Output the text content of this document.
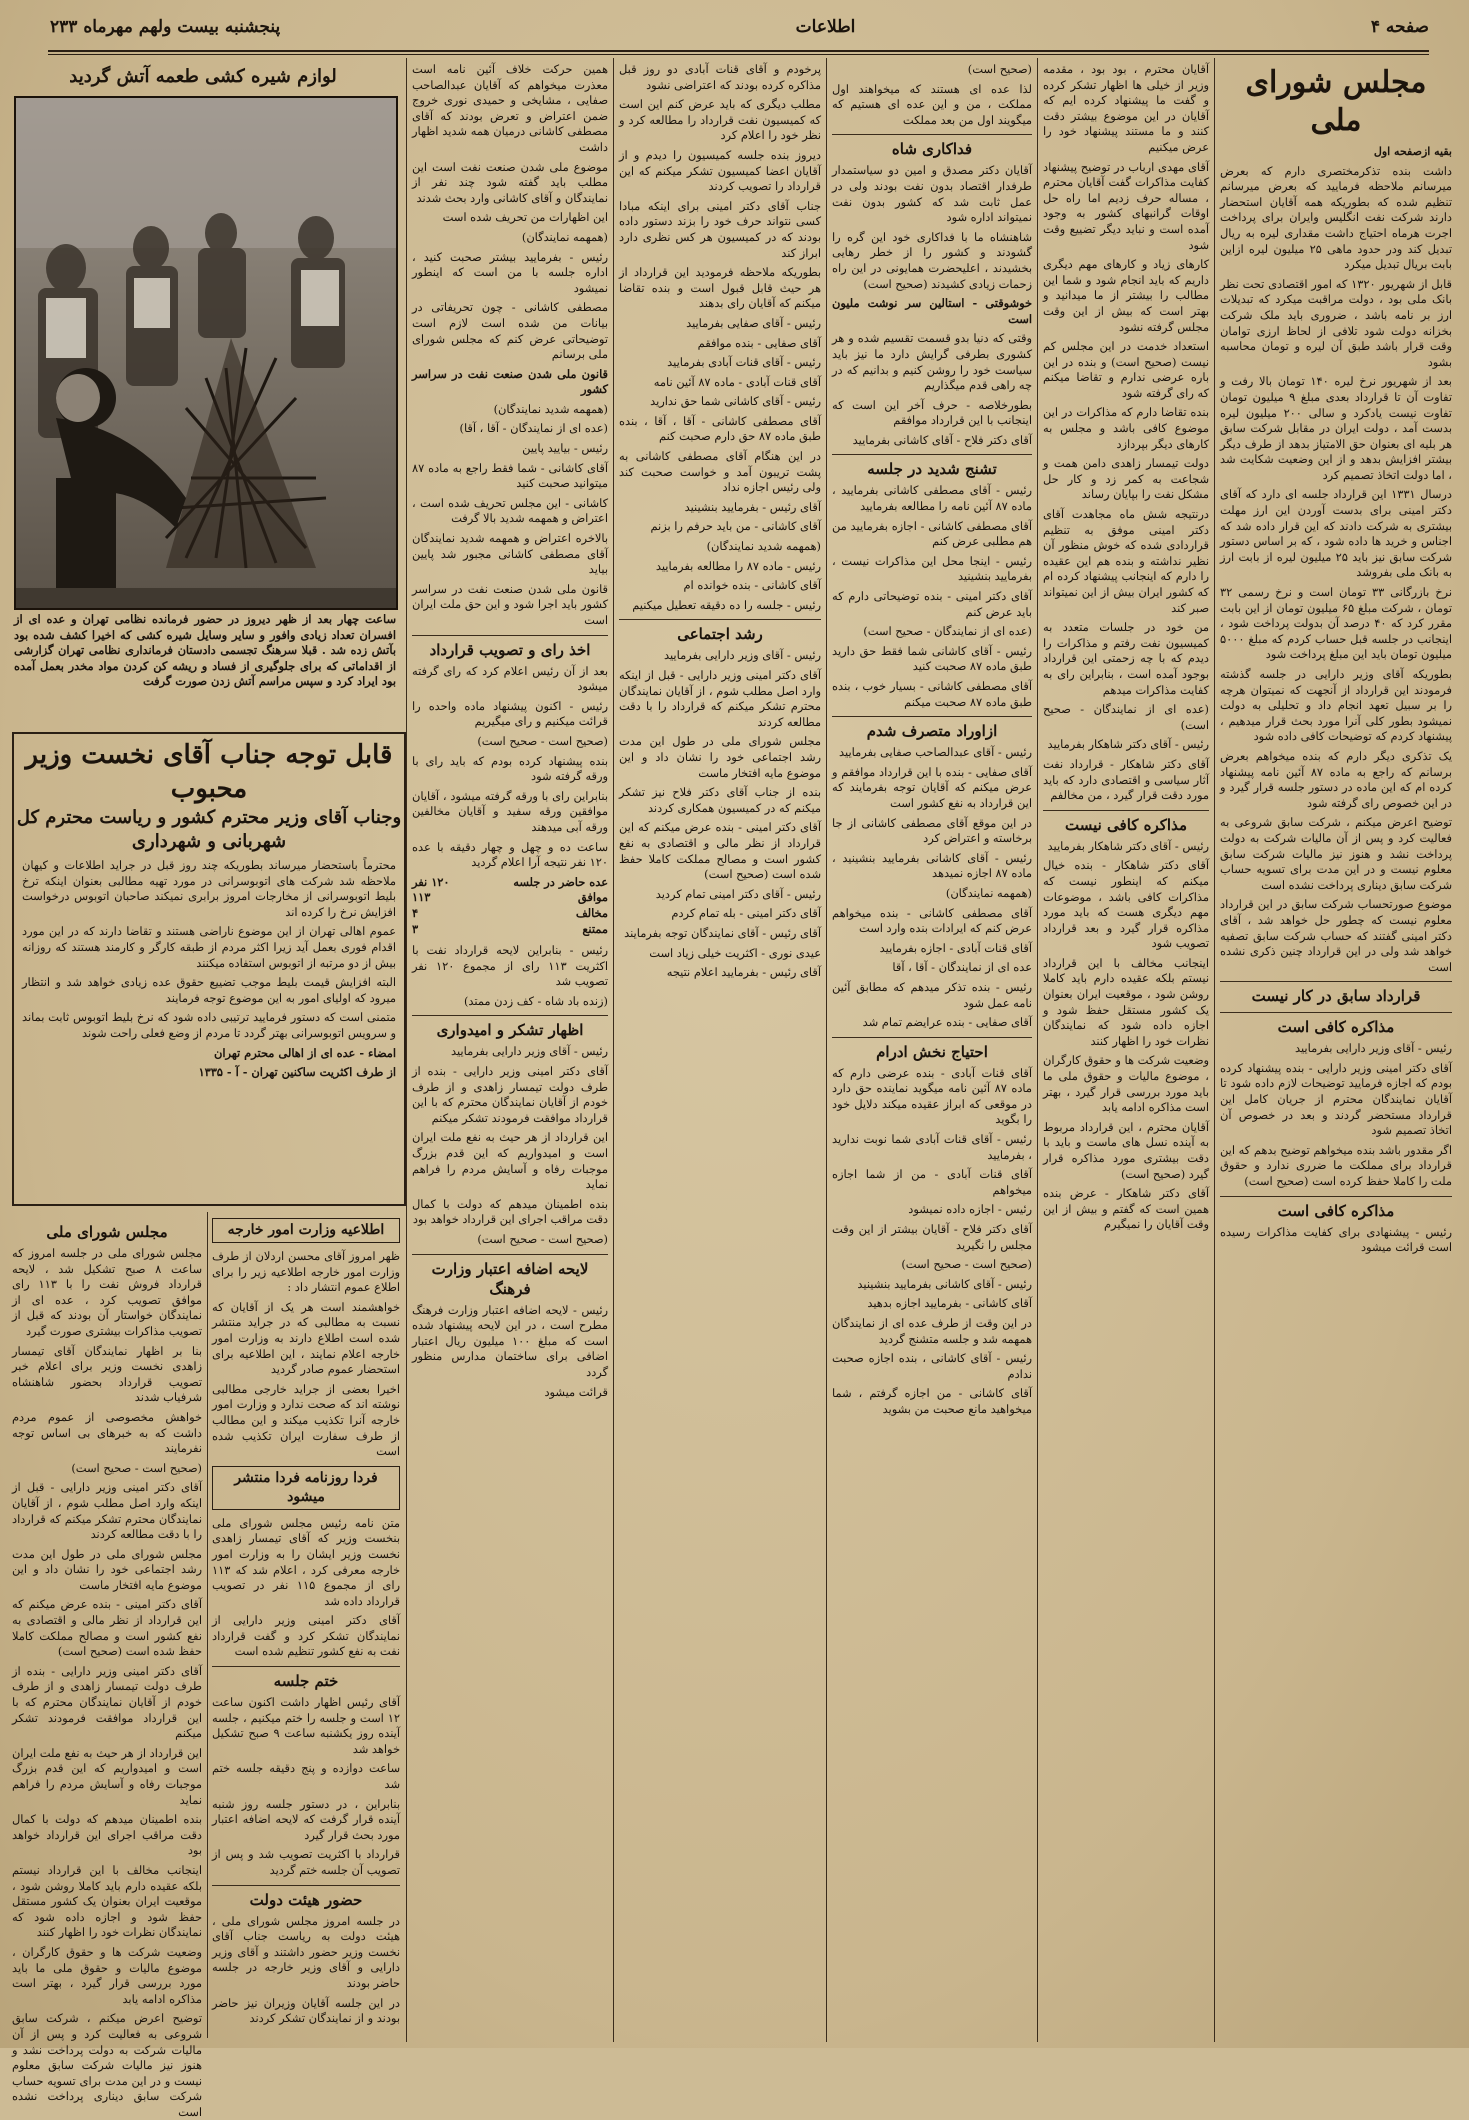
صفحه ۴
اطلاعات
پنجشنبه بیست ولهم مهرماه ۲۳۳
مجلس شورای ملی

بقیه ازصفحه اول

داشت بنده تذکرمختصری دارم که بعرض میرسانم ملاحظه فرمایید که بعرض میرسانم تنظیم شده که بطوریکه همه آقایان استحضار دارند شرکت نفت انگلیس وایران برای پرداخت اجرت هرماه احتیاج داشت مقداری لیره به ریال تبدیل کند ودر حدود ماهی ۲۵ میلیون لیره ازاین بابت بریال تبدیل میکرد

قابل از شهریور ۱۳۲۰ که امور اقتصادی تحت نظر بانک ملی بود ، دولت مراقبت میکرد که تبدیلات ارز بر نامه باشد ، ضروری باید ملک شرکت بخزانه دولت شود تلافی از لحاظ ارزی توامان وقت قرار باشد طبق آن لیره و تومان محاسبه بشود

بعد از شهریور نرخ لیره ۱۴۰ تومان بالا رفت و تفاوت آن تا قرارداد بعدی مبلغ ۹ میلیون تومان تفاوت نیست یادکرد و سالی ۲۰۰ میلیون لیره بدست آمد ، دولت ایران در مقابل شرکت سابق هر بلیه ای بعنوان حق الامتیاز بدهد از طرف دیگر بیشتر افزایش بدهد و از این وضعیت شکایت شد ، اما دولت اتخاذ تصمیم کرد

درسال ۱۳۳۱ این قرارداد جلسه ای دارد که آقای دکتر امینی برای بدست آوردن این ارز مهلت بیشتری به شرکت دادند که این قرار داده شد که اجناس و خرید ها داده شود ، که بر اساس دستور شرکت سابق نیز باید ۲۵ میلیون لیره از بابت ارز به بانک ملی بفروشد

نرخ بازرگانی ۳۳ تومان است و نرخ رسمی ۳۲ تومان ، شرکت مبلغ ۶۵ میلیون تومان از این بابت مقرر کرد که ۴۰ درصد آن بدولت پرداخت شود ، اینجانب در جلسه قبل حساب کردم که مبلغ ۵۰۰۰ میلیون تومان باید این مبلغ پرداخت شود

بطوریکه آقای وزیر دارایی در جلسه گذشته فرمودند این قرارداد از آنجهت که نمیتوان هرچه را بر سبیل تعهد انجام داد و تحلیلی به دولت نمیشود بطور کلی آنرا مورد بحث قرار میدهیم ، پیشنهاد کردم که توضیحات کافی داده شود

یک تذکری دیگر دارم که بنده میخواهم بعرض برسانم که راجع به ماده ۸۷ آئین نامه پیشنهاد کرده ام که این ماده در دستور جلسه قرار گیرد و در این خصوص رای گرفته شود

توضیح اعرض میکنم ، شرکت سابق شروعی به فعالیت کرد و پس از آن مالیات شرکت به دولت پرداخت نشد و هنوز نیز مالیات شرکت سابق معلوم نیست و در این مدت برای تسویه حساب شرکت سابق دیناری پرداخت نشده است

موضوع صورتحساب شرکت سابق در این قرارداد معلوم نیست که چطور حل خواهد شد ، آقای دکتر امینی گفتند که حساب شرکت سابق تصفیه خواهد شد ولی در این قرارداد چنین ذکری نشده است

قرارداد سابق در کار نیست
مذاکره کافی است

رئیس - آقای وزیر دارایی بفرمایید

آقای دکتر امینی وزیر دارایی - بنده پیشنهاد کرده بودم که اجازه فرمایید توضیحات لازم داده شود تا آقایان نمایندگان محترم از جریان کامل این قرارداد مستحضر گردند و بعد در خصوص آن اتخاذ تصمیم شود

اگر مقدور باشد بنده میخواهم توضیح بدهم که این قرارداد برای مملکت ما ضرری ندارد و حقوق ملت را کاملا حفظ کرده است (صحیح است)

مذاکره کافی است

رئیس - پیشنهادی برای کفایت مذاکرات رسیده است قرائت میشود

آقایان محترم ، بود بود ، مقدمه وزیر از خیلی ها اظهار تشکر کرده و گفت ما پیشنهاد کرده ایم که آقایان در این موضوع بیشتر دقت کنند و ما مستند پیشنهاد خود را عرض میکنیم

آقای مهدی ارباب در توضیح پیشنهاد کفایت مذاکرات گفت آقایان محترم ، مساله حرف زدیم اما راه حل اوقات گرانبهای کشور به وجود آمده است و نباید دیگر تضییع وقت شود

کارهای زیاد و کارهای مهم دیگری داریم که باید انجام شود و شما این مطالب را بیشتر از ما میدانید و بهتر است که بیش از این وقت مجلس گرفته نشود

استعداد خدمت در این مجلس کم نیست (صحیح است) و بنده در این باره عرضی ندارم و تقاضا میکنم که رای گرفته شود

بنده تقاضا دارم که مذاکرات در این موضوع کافی باشد و مجلس به کارهای دیگر بپردازد

دولت تیمسار زاهدی دامن همت و شجاعت به کمر زد و کار حل مشکل نفت را بپایان رساند

درنتیجه شش ماه مجاهدت آقای دکتر امینی موفق به تنظیم قراردادی شده که خوش منظور آن نظیر نداشته و بنده هم این عقیده را دارم که اینجانب پیشنهاد کرده ام که کشور ایران بیش از این نمیتواند صبر کند

من خود در جلسات متعدد به کمیسیون نفت رفتم و مذاکرات را دیدم که با چه زحمتی این قرارداد بوجود آمده است ، بنابراین رای به کفایت مذاکرات میدهم

(عده ای از نمایندگان - صحیح است)

رئیس - آقای دکتر شاهکار بفرمایید

آقای دکتر شاهکار - قرارداد نفت آثار سیاسی و اقتصادی دارد که باید مورد دقت قرار گیرد ، من مخالفم

مذاکره کافی نیست

رئیس - آقای دکتر شاهکار بفرمایید

آقای دکتر شاهکار - بنده خیال میکنم که اینطور نیست که مذاکرات کافی باشد ، موضوعات مهم دیگری هست که باید مورد مذاکره قرار گیرد و بعد قرارداد تصویب شود

اینجانب مخالف با این قرارداد نیستم بلکه عقیده دارم باید کاملا روشن شود ، موقعیت ایران بعنوان یک کشور مستقل حفظ شود و اجازه داده شود که نمایندگان نظرات خود را اظهار کنند

وضعیت شرکت ها و حقوق کارگران ، موضوع مالیات و حقوق ملی ما باید مورد بررسی قرار گیرد ، بهتر است مذاکره ادامه یابد

آقایان محترم ، این قرارداد مربوط به آینده نسل های ماست و باید با دقت بیشتری مورد مذاکره قرار گیرد (صحیح است)

آقای دکتر شاهکار - عرض بنده همین است که گفتم و بیش از این وقت آقایان را نمیگیرم

(صحیح است)

لذا عده ای هستند که میخواهند اول مملکت ، من و این عده ای هستیم که میگویند اول من بعد مملکت

فداکاری شاه

آقایان دکتر مصدق و امین دو سیاستمدار طرفدار اقتصاد بدون نفت بودند ولی در عمل ثابت شد که کشور بدون نفت نمیتواند اداره شود

شاهنشاه ما با فداکاری خود این گره را گشودند و کشور را از خطر رهایی بخشیدند ، اعلیحضرت همایونی در این راه زحمات زیادی کشیدند (صحیح است)

خوشوقتی - استالین سر نوشت ملیون است

وقتی که دنیا بدو قسمت تقسیم شده و هر کشوری بطرفی گرایش دارد ما نیز باید سیاست خود را روشن کنیم و بدانیم که در چه راهی قدم میگذاریم

بطورخلاصه - حرف آخر این است که اینجانب با این قرارداد موافقم

آقای دکتر فلاح - آقای کاشانی بفرمایید

تشنج شدید در جلسه

رئیس - آقای مصطفی کاشانی بفرمایید ، ماده ۸۷ آئین نامه را مطالعه بفرمایید

آقای مصطفی کاشانی - اجازه بفرمایید من هم مطلبی عرض کنم

رئیس - اینجا محل این مذاکرات نیست ، بفرمایید بنشینید

آقای دکتر امینی - بنده توضیحاتی دارم که باید عرض کنم

(عده ای از نمایندگان - صحیح است)

رئیس - آقای کاشانی شما فقط حق دارید طبق ماده ۸۷ صحبت کنید

آقای مصطفی کاشانی - بسیار خوب ، بنده طبق ماده ۸۷ صحبت میکنم

ازاوراد متصرف شدم

رئیس - آقای عبدالصاحب صفایی بفرمایید

آقای صفایی - بنده با این قرارداد موافقم و عرض میکنم که آقایان توجه بفرمایند که این قرارداد به نفع کشور است

در این موقع آقای مصطفی کاشانی از جا برخاسته و اعتراض کرد

رئیس - آقای کاشانی بفرمایید بنشینید ، ماده ۸۷ اجازه نمیدهد

(همهمه نمایندگان)

آقای مصطفی کاشانی - بنده میخواهم عرض کنم که ایرادات بنده وارد است

آقای قنات آبادی - اجازه بفرمایید

عده ای از نمایندگان - آقا ، آقا

رئیس - بنده تذکر میدهم که مطابق آئین نامه عمل شود

آقای صفایی - بنده عرایضم تمام شد

احتیاج نخش ادرام

آقای قنات آبادی - بنده عرضی دارم که ماده ۸۷ آئین نامه میگوید نماینده حق دارد در موقعی که ابراز عقیده میکند دلایل خود را بگوید

رئیس - آقای قنات آبادی شما نوبت ندارید ، بفرمایید

آقای قنات آبادی - من از شما اجازه میخواهم

رئیس - اجازه داده نمیشود

آقای دکتر فلاح - آقایان بیشتر از این وقت مجلس را نگیرید

(صحیح است - صحیح است)

رئیس - آقای کاشانی بفرمایید بنشینید

آقای کاشانی - بفرمایید اجازه بدهید

در این وقت از طرف عده ای از نمایندگان همهمه شد و جلسه متشنج گردید

رئیس - آقای کاشانی ، بنده اجازه صحبت ندادم

آقای کاشانی - من اجازه گرفتم ، شما میخواهید مانع صحبت من بشوید

پرخودم و آقای قنات آبادی دو روز قبل مذاکره کرده بودند که اعتراضی نشود

مطلب دیگری که باید عرض کنم این است که کمیسیون نفت قرارداد را مطالعه کرد و نظر خود را اعلام کرد

دیروز بنده جلسه کمیسیون را دیدم و از آقایان اعضا کمیسیون تشکر میکنم که این قرارداد را تصویب کردند

جناب آقای دکتر امینی برای اینکه مبادا کسی نتواند حرف خود را بزند دستور داده بودند که در کمیسیون هر کس نظری دارد ابراز کند

بطوریکه ملاحظه فرمودید این قرارداد از هر حیث قابل قبول است و بنده تقاضا میکنم که آقایان رای بدهند

رئیس - آقای صفایی بفرمایید

آقای صفایی - بنده موافقم

رئیس - آقای قنات آبادی بفرمایید

آقای قنات آبادی - ماده ۸۷ آئین نامه

رئیس - آقای کاشانی شما حق ندارید

آقای مصطفی کاشانی - آقا ، آقا ، بنده طبق ماده ۸۷ حق دارم صحبت کنم

در این هنگام آقای مصطفی کاشانی به پشت تریبون آمد و خواست صحبت کند ولی رئیس اجازه نداد

آقای رئیس - بفرمایید بنشینید

آقای کاشانی - من باید حرفم را بزنم

(همهمه شدید نمایندگان)

رئیس - ماده ۸۷ را مطالعه بفرمایید

آقای کاشانی - بنده خوانده ام

رئیس - جلسه را ده دقیقه تعطیل میکنیم

رشد اجتماعی

رئیس - آقای وزیر دارایی بفرمایید

آقای دکتر امینی وزیر دارایی - قبل از اینکه وارد اصل مطلب شوم ، از آقایان نمایندگان محترم تشکر میکنم که قرارداد را با دقت مطالعه کردند

مجلس شورای ملی در طول این مدت رشد اجتماعی خود را نشان داد و این موضوع مایه افتخار ماست

بنده از جناب آقای دکتر فلاح نیز تشکر میکنم که در کمیسیون همکاری کردند

آقای دکتر امینی - بنده عرض میکنم که این قرارداد از نظر مالی و اقتصادی به نفع کشور است و مصالح مملکت کاملا حفظ شده است (صحیح است)

رئیس - آقای دکتر امینی تمام کردید

آقای دکتر امینی - بله تمام کردم

آقای رئیس - آقای نمایندگان توجه بفرمایند

عیدی نوری - اکثریت خیلی زیاد است

آقای رئیس - بفرمایید اعلام نتیجه

همین حرکت خلاف آئین نامه است معذرت میخواهم که آقایان عبدالصاحب صفایی ، مشایخی و حمیدی نوری خروج ضمن اعتراض و تعرض بودند که آقای مصطفی کاشانی درمیان همه شدید اظهار داشت

موضوع ملی شدن صنعت نفت است این مطلب باید گفته شود چند نفر از نمایندگان و آقای کاشانی وارد بحث شدند

این اظهارات من تحریف شده است

(همهمه نمایندگان)

رئیس - بفرمایید بیشتر صحبت کنید ، اداره جلسه با من است که اینطور نمیشود

مصطفی کاشانی - چون تحریفاتی در بیانات من شده است لازم است توضیحاتی عرض کنم که مجلس شورای ملی برسانم

قانون ملی شدن صنعت نفت در سراسر کشور

(همهمه شدید نمایندگان)

(عده ای از نمایندگان - آقا ، آقا)

رئیس - بیایید پایین

آقای کاشانی - شما فقط راجع به ماده ۸۷ میتوانید صحبت کنید

کاشانی - این مجلس تحریف شده است ، اعتراض و همهمه شدید بالا گرفت

بالاخره اعتراض و همهمه شدید نمایندگان آقای مصطفی کاشانی مجبور شد پایین بیاید

قانون ملی شدن صنعت نفت در سراسر کشور باید اجرا شود و این حق ملت ایران است

اخذ رای و تصویب قرارداد

بعد از آن رئیس اعلام کرد که رای گرفته میشود

رئیس - اکنون پیشنهاد ماده واحده را قرائت میکنیم و رای میگیریم

(صحیح است - صحیح است)

بنده پیشنهاد کرده بودم که باید رای با ورقه گرفته شود

بنابراین رای با ورقه گرفته میشود ، آقایان موافقین ورقه سفید و آقایان مخالفین ورقه آبی میدهند

ساعت ده و چهل و چهار دقیقه با عده ۱۲۰ نفر نتیجه آرا اعلام گردید

عده حاضر در جلسه
۱۲۰ نفر
موافق
۱۱۳
مخالف
۴
ممتنع
۳

رئیس - بنابراین لایحه قرارداد نفت با اکثریت ۱۱۳ رای از مجموع ۱۲۰ نفر تصویب شد

(زنده باد شاه - کف زدن ممتد)

اظهار تشکر و امیدواری

رئیس - آقای وزیر دارایی بفرمایید

آقای دکتر امینی وزیر دارایی - بنده از طرف دولت تیمسار زاهدی و از طرف خودم از آقایان نمایندگان محترم که با این قرارداد موافقت فرمودند تشکر میکنم

این قرارداد از هر حیث به نفع ملت ایران است و امیدواریم که این قدم بزرگ موجبات رفاه و آسایش مردم را فراهم نماید

بنده اطمینان میدهم که دولت با کمال دقت مراقب اجرای این قرارداد خواهد بود

(صحیح است - صحیح است)

لایحه اضافه اعتبار وزارت فرهنگ

رئیس - لایحه اضافه اعتبار وزارت فرهنگ مطرح است ، در این لایحه پیشنهاد شده است که مبلغ ۱۰۰ میلیون ریال اعتبار اضافی برای ساختمان مدارس منظور گردد

قرائت میشود

لوازم شیره کشی طعمه آتش گردید
ساعت چهار بعد از ظهر دیروز در حضور فرمانده نظامی تهران و عده ای از افسران تعداد زیادی وافور و سایر وسایل شیره کشی که اخیرا کشف شده بود بآتش زده شد . قبلا سرهنگ تجسمی دادستان فرمانداری نظامی تهران گزارشی از اقداماتی که برای جلوگیری از فساد و ریشه کن کردن مواد مخدر بعمل آمده بود ایراد کرد و سپس مراسم آتش زدن صورت گرفت
قابل توجه جناب آقای نخست وزیر محبوب
وجناب آقای وزیر محترم کشور و ریاست محترم کل شهربانی و شهرداری

محترماً باستحضار میرساند بطوریکه چند روز قبل در جراید اطلاعات و کیهان ملاحظه شد شرکت های اتوبوسرانی در مورد تهیه مطالبی بعنوان اینکه ترخ بلیط اتوبوسرانی از مخارجات امروز برابری نمیکند صاحبان اتوبوس درخواست افزایش نرخ را کرده اند

عموم اهالی تهران از این موضوع ناراضی هستند و تقاضا دارند که در این مورد اقدام فوری بعمل آید زیرا اکثر مردم از طبقه کارگر و کارمند هستند که روزانه بیش از دو مرتبه از اتوبوس استفاده میکنند

البته افزایش قیمت بلیط موجب تضییع حقوق عده زیادی خواهد شد و انتظار میرود که اولیای امور به این موضوع توجه فرمایند

متمنی است که دستور فرمایید ترتیبی داده شود که نرخ بلیط اتوبوس ثابت بماند و سرویس اتوبوسرانی بهتر گردد تا مردم از وضع فعلی راحت شوند

امضاء - عده ای از اهالی محترم تهران

از طرف اکثریت ساکنین تهران - آ - ۱۳۳۵

اطلاعیه وزارت امور خارجه

ظهر امروز آقای محسن اردلان از طرف وزارت امور خارجه اطلاعیه زیر را برای اطلاع عموم انتشار داد :

خواهشمند است هر یک از آقایان که نسبت به مطالبی که در جراید منتشر شده است اطلاع دارند به وزارت امور خارجه اعلام نمایند ، این اطلاعیه برای استحضار عموم صادر گردید

اخیرا بعضی از جراید خارجی مطالبی نوشته اند که صحت ندارد و وزارت امور خارجه آنرا تکذیب میکند و این مطالب از طرف سفارت ایران تکذیب شده است

فردا روزنامه فردا منتشر میشود

متن نامه رئیس مجلس شورای ملی بنخست وزیر که آقای تیمسار زاهدی نخست وزیر ایشان را به وزارت امور خارجه معرفی کرد ، اعلام شد که ۱۱۳ رای از مجموع ۱۱۵ نفر در تصویب قرارداد داده شد

آقای دکتر امینی وزیر دارایی از نمایندگان تشکر کرد و گفت قرارداد نفت به نفع کشور تنظیم شده است

ختم جلسه

آقای رئیس اظهار داشت اکنون ساعت ۱۲ است و جلسه را ختم میکنیم ، جلسه آینده روز یکشنبه ساعت ۹ صبح تشکیل خواهد شد

ساعت دوازده و پنج دقیقه جلسه ختم شد

بنابراین ، در دستور جلسه روز شنبه آینده قرار گرفت که لایحه اضافه اعتبار مورد بحث قرار گیرد

قرارداد با اکثریت تصویب شد و پس از تصویب آن جلسه ختم گردید

حضور هیئت دولت

در جلسه امروز مجلس شورای ملی ، هیئت دولت به ریاست جناب آقای نخست وزیر حضور داشتند و آقای وزیر دارایی و آقای وزیر خارجه در جلسه حاضر بودند

در این جلسه آقایان وزیران نیز حاضر بودند و از نمایندگان تشکر کردند

مجلس شورای ملی

مجلس شورای ملی در جلسه امروز که ساعت ۸ صبح تشکیل شد ، لایحه قرارداد فروش نفت را با ۱۱۳ رای موافق تصویب کرد ، عده ای از نمایندگان خواستار آن بودند که قبل از تصویب مذاکرات بیشتری صورت گیرد

بنا بر اظهار نمایندگان آقای تیمسار زاهدی نخست وزیر برای اعلام خبر تصویب قرارداد بحضور شاهنشاه شرفیاب شدند

خواهش مخصوصی از عموم مردم داشت که به خبرهای بی اساس توجه نفرمایند

(صحیح است - صحیح است)

آقای دکتر امینی وزیر دارایی - قبل از اینکه وارد اصل مطلب شوم ، از آقایان نمایندگان محترم تشکر میکنم که قرارداد را با دقت مطالعه کردند

مجلس شورای ملی در طول این مدت رشد اجتماعی خود را نشان داد و این موضوع مایه افتخار ماست

آقای دکتر امینی - بنده عرض میکنم که این قرارداد از نظر مالی و اقتصادی به نفع کشور است و مصالح مملکت کاملا حفظ شده است (صحیح است)

آقای دکتر امینی وزیر دارایی - بنده از طرف دولت تیمسار زاهدی و از طرف خودم از آقایان نمایندگان محترم که با این قرارداد موافقت فرمودند تشکر میکنم

این قرارداد از هر حیث به نفع ملت ایران است و امیدواریم که این قدم بزرگ موجبات رفاه و آسایش مردم را فراهم نماید

بنده اطمینان میدهم که دولت با کمال دقت مراقب اجرای این قرارداد خواهد بود

اینجانب مخالف با این قرارداد نیستم بلکه عقیده دارم باید کاملا روشن شود ، موقعیت ایران بعنوان یک کشور مستقل حفظ شود و اجازه داده شود که نمایندگان نظرات خود را اظهار کنند

وضعیت شرکت ها و حقوق کارگران ، موضوع مالیات و حقوق ملی ما باید مورد بررسی قرار گیرد ، بهتر است مذاکره ادامه یابد

توضیح اعرض میکنم ، شرکت سابق شروعی به فعالیت کرد و پس از آن مالیات شرکت به دولت پرداخت نشد و هنوز نیز مالیات شرکت سابق معلوم نیست و در این مدت برای تسویه حساب شرکت سابق دیناری پرداخت نشده است
